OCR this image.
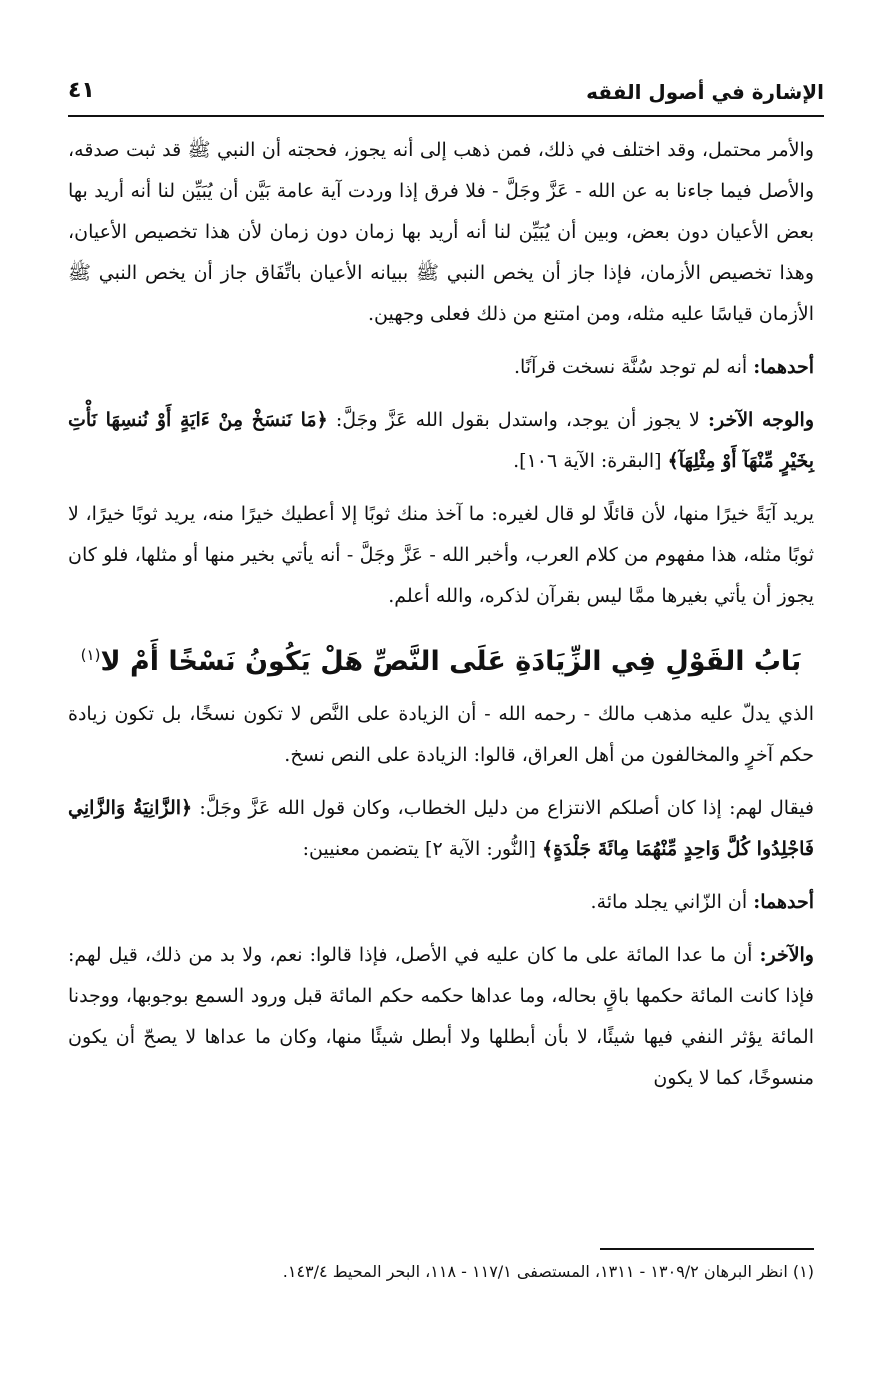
الإشارة في أصول الفقه
٤١

والأمر محتمل، وقد اختلف في ذلك، فمن ذهب إلى أنه يجوز، فحجته أن النبي ﷺ قد ثبت صدقه، والأصل فيما جاءنا به عن الله - عَزَّ وجَلَّ - فلا فرق إذا وردت آية عامة بَيَّن أن يُبَيِّن لنا أنه أريد بها بعض الأعيان دون بعض، وبين أن يُبَيِّن لنا أنه أريد بها زمان دون زمان لأن هذا تخصيص الأعيان، وهذا تخصيص الأزمان، فإذا جاز أن يخص النبي ﷺ ببيانه الأعيان باتِّفَاق جاز أن يخص النبي ﷺ الأزمان قياسًا عليه مثله، ومن امتنع من ذلك فعلى وجهين.

أحدهما: أنه لم توجد سُنَّة نسخت قرآنًا.

والوجه الآخر: لا يجوز أن يوجد، واستدل بقول الله عَزَّ وجَلَّ: ﴿مَا نَنسَخْ مِنْ ءَايَةٍ أَوْ نُنسِهَا نَأْتِ بِخَيْرٍ مِّنْهَآ أَوْ مِثْلِهَآ﴾ [البقرة: الآية ١٠٦].

يريد آيَةً خيرًا منها، لأن قائلًا لو قال لغيره: ما آخذ منك ثوبًا إلا أعطيك خيرًا منه، يريد ثوبًا خيرًا، لا ثوبًا مثله، هذا مفهوم من كلام العرب، وأخبر الله - عَزَّ وجَلَّ - أنه يأتي بخير منها أو مثلها، فلو كان يجوز أن يأتي بغيرها ممَّا ليس بقرآن لذكره، والله أعلم.

بَابُ القَوْلِ فِي الزِّيَادَةِ عَلَى النَّصِّ هَلْ يَكُونُ نَسْخًا أَمْ لا$^{(١)}$

الذي يدلّ عليه مذهب مالك - رحمه الله - أن الزيادة على النَّص لا تكون نسخًا، بل تكون زيادة حكم آخرٍ والمخالفون من أهل العراق، قالوا: الزيادة على النص نسخ.

فيقال لهم: إذا كان أصلكم الانتزاع من دليل الخطاب، وكان قول الله عَزَّ وجَلَّ: ﴿الزَّانِيَةُ وَالزَّانِي فَاجْلِدُوا كُلَّ وَاحِدٍ مِّنْهُمَا مِائَةَ جَلْدَةٍ﴾ [النُّور: الآية ٢] يتضمن معنيين:

أحدهما: أن الزّاني يجلد مائة.

والآخر: أن ما عدا المائة على ما كان عليه في الأصل، فإذا قالوا: نعم، ولا بد من ذلك، قيل لهم: فإذا كانت المائة حكمها باقٍ بحاله، وما عداها حكمه حكم المائة قبل ورود السمع بوجوبها، ووجدنا المائة يؤثر النفي فيها شيئًا، لا بأن أبطلها ولا أبطل شيئًا منها، وكان ما عداها لا يصحّ أن يكون منسوخًا، كما لا يكون

(١) انظر البرهان ١٣٠٩/٢ - ١٣١١، المستصفى ١١٧/١ - ١١٨، البحر المحيط ١٤٣/٤.
